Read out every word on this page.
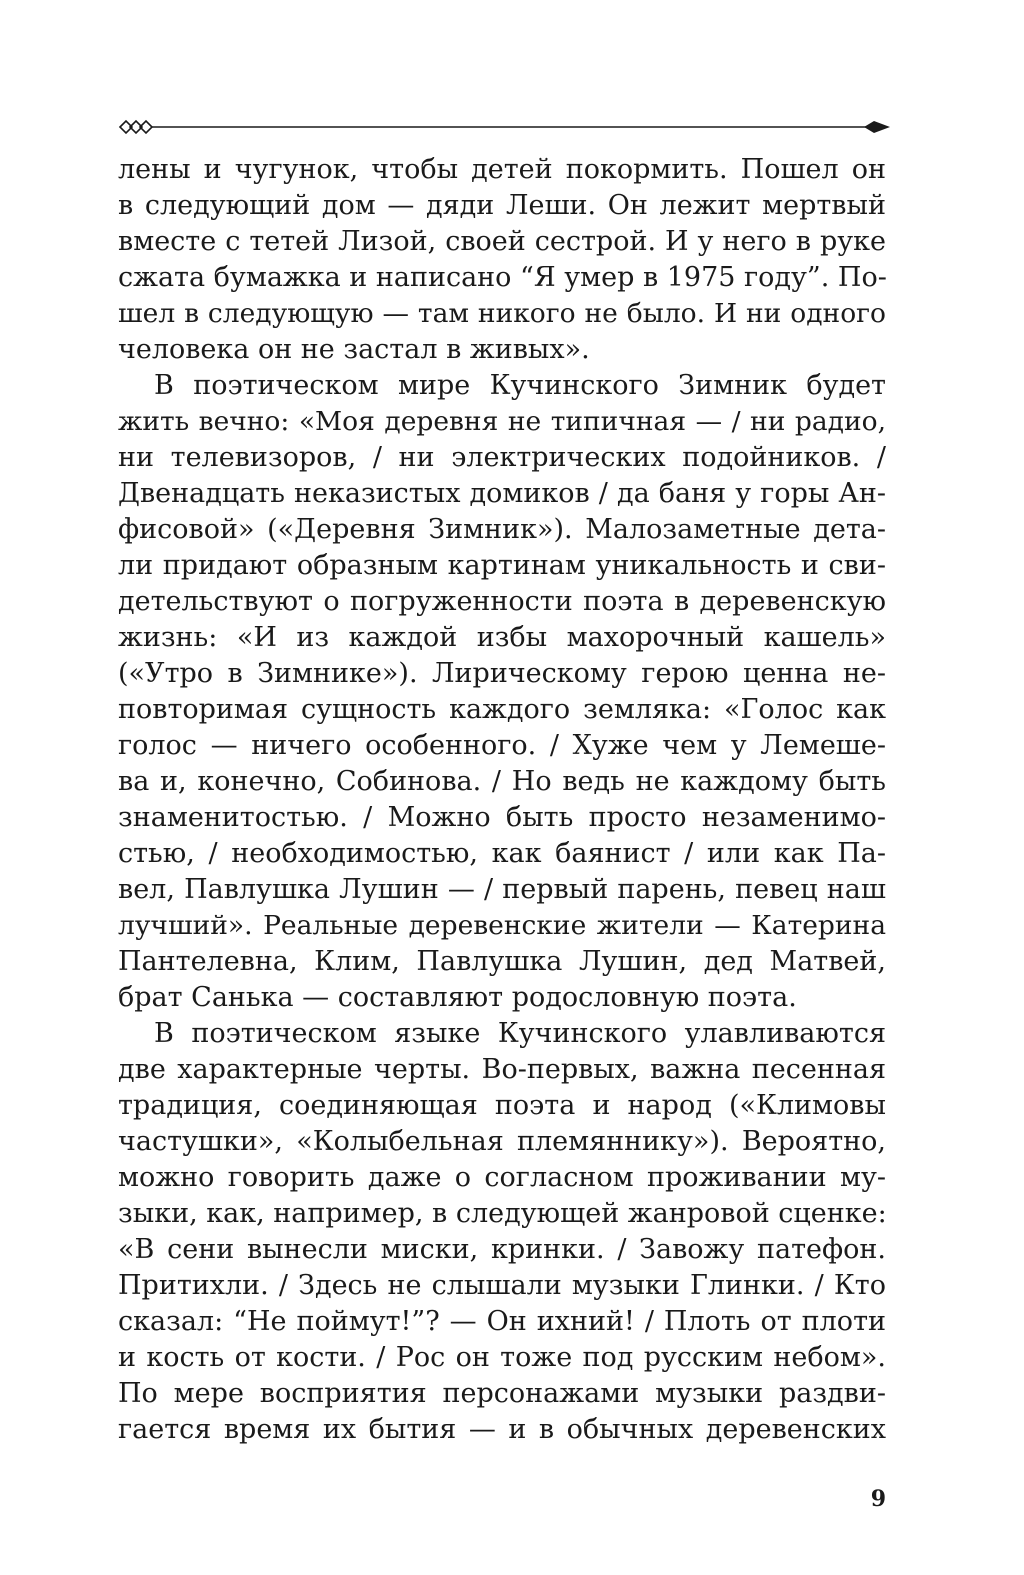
лены и чугунок, чтобы детей покормить. Пошел он
в следующий дом — дяди Леши. Он лежит мертвый
вместе с тетей Лизой, своей сестрой. И у него в руке
сжата бумажка и написано “Я умер в 1975 году”. По-
шел в следующую — там никого не было. И ни одного
человека он не застал в живых».
В поэтическом мире Кучинского Зимник будет
жить вечно: «Моя деревня не типичная — / ни радио,
ни телевизоров, / ни электрических подойников. /
Двенадцать неказистых домиков / да баня у горы Ан-
фисовой» («Деревня Зимник»). Малозаметные дета-
ли придают образным картинам уникальность и сви-
детельствуют о погруженности поэта в деревенскую
жизнь: «И из каждой избы махорочный кашель»
(«Утро в Зимнике»). Лирическому герою ценна не-
повторимая сущность каждого земляка: «Голос как
голос — ничего особенного. / Хуже чем у Лемеше-
ва и, конечно, Собинова. / Но ведь не каждому быть
знаменитостью. / Можно быть просто незаменимо-
стью, / необходимостью, как баянист / или как Па-
вел, Павлушка Лушин — / первый парень, певец наш
лучший». Реальные деревенские жители — Катерина
Пантелевна, Клим, Павлушка Лушин, дед Матвей,
брат Санька — составляют родословную поэта.
В поэтическом языке Кучинского улавливаются
две характерные черты. Во-первых, важна песенная
традиция, соединяющая поэта и народ («Климовы
частушки», «Колыбельная племяннику»). Вероятно,
можно говорить даже о согласном проживании му-
зыки, как, например, в следующей жанровой сценке:
«В сени вынесли миски, кринки. / Завожу патефон.
Притихли. / Здесь не слышали музыки Глинки. / Кто
сказал: “Не поймут!”? — Он ихний! / Плоть от плоти
и кость от кости. / Рос он тоже под русским небом».
По мере восприятия персонажами музыки раздви-
гается время их бытия — и в обычных деревенских
9
